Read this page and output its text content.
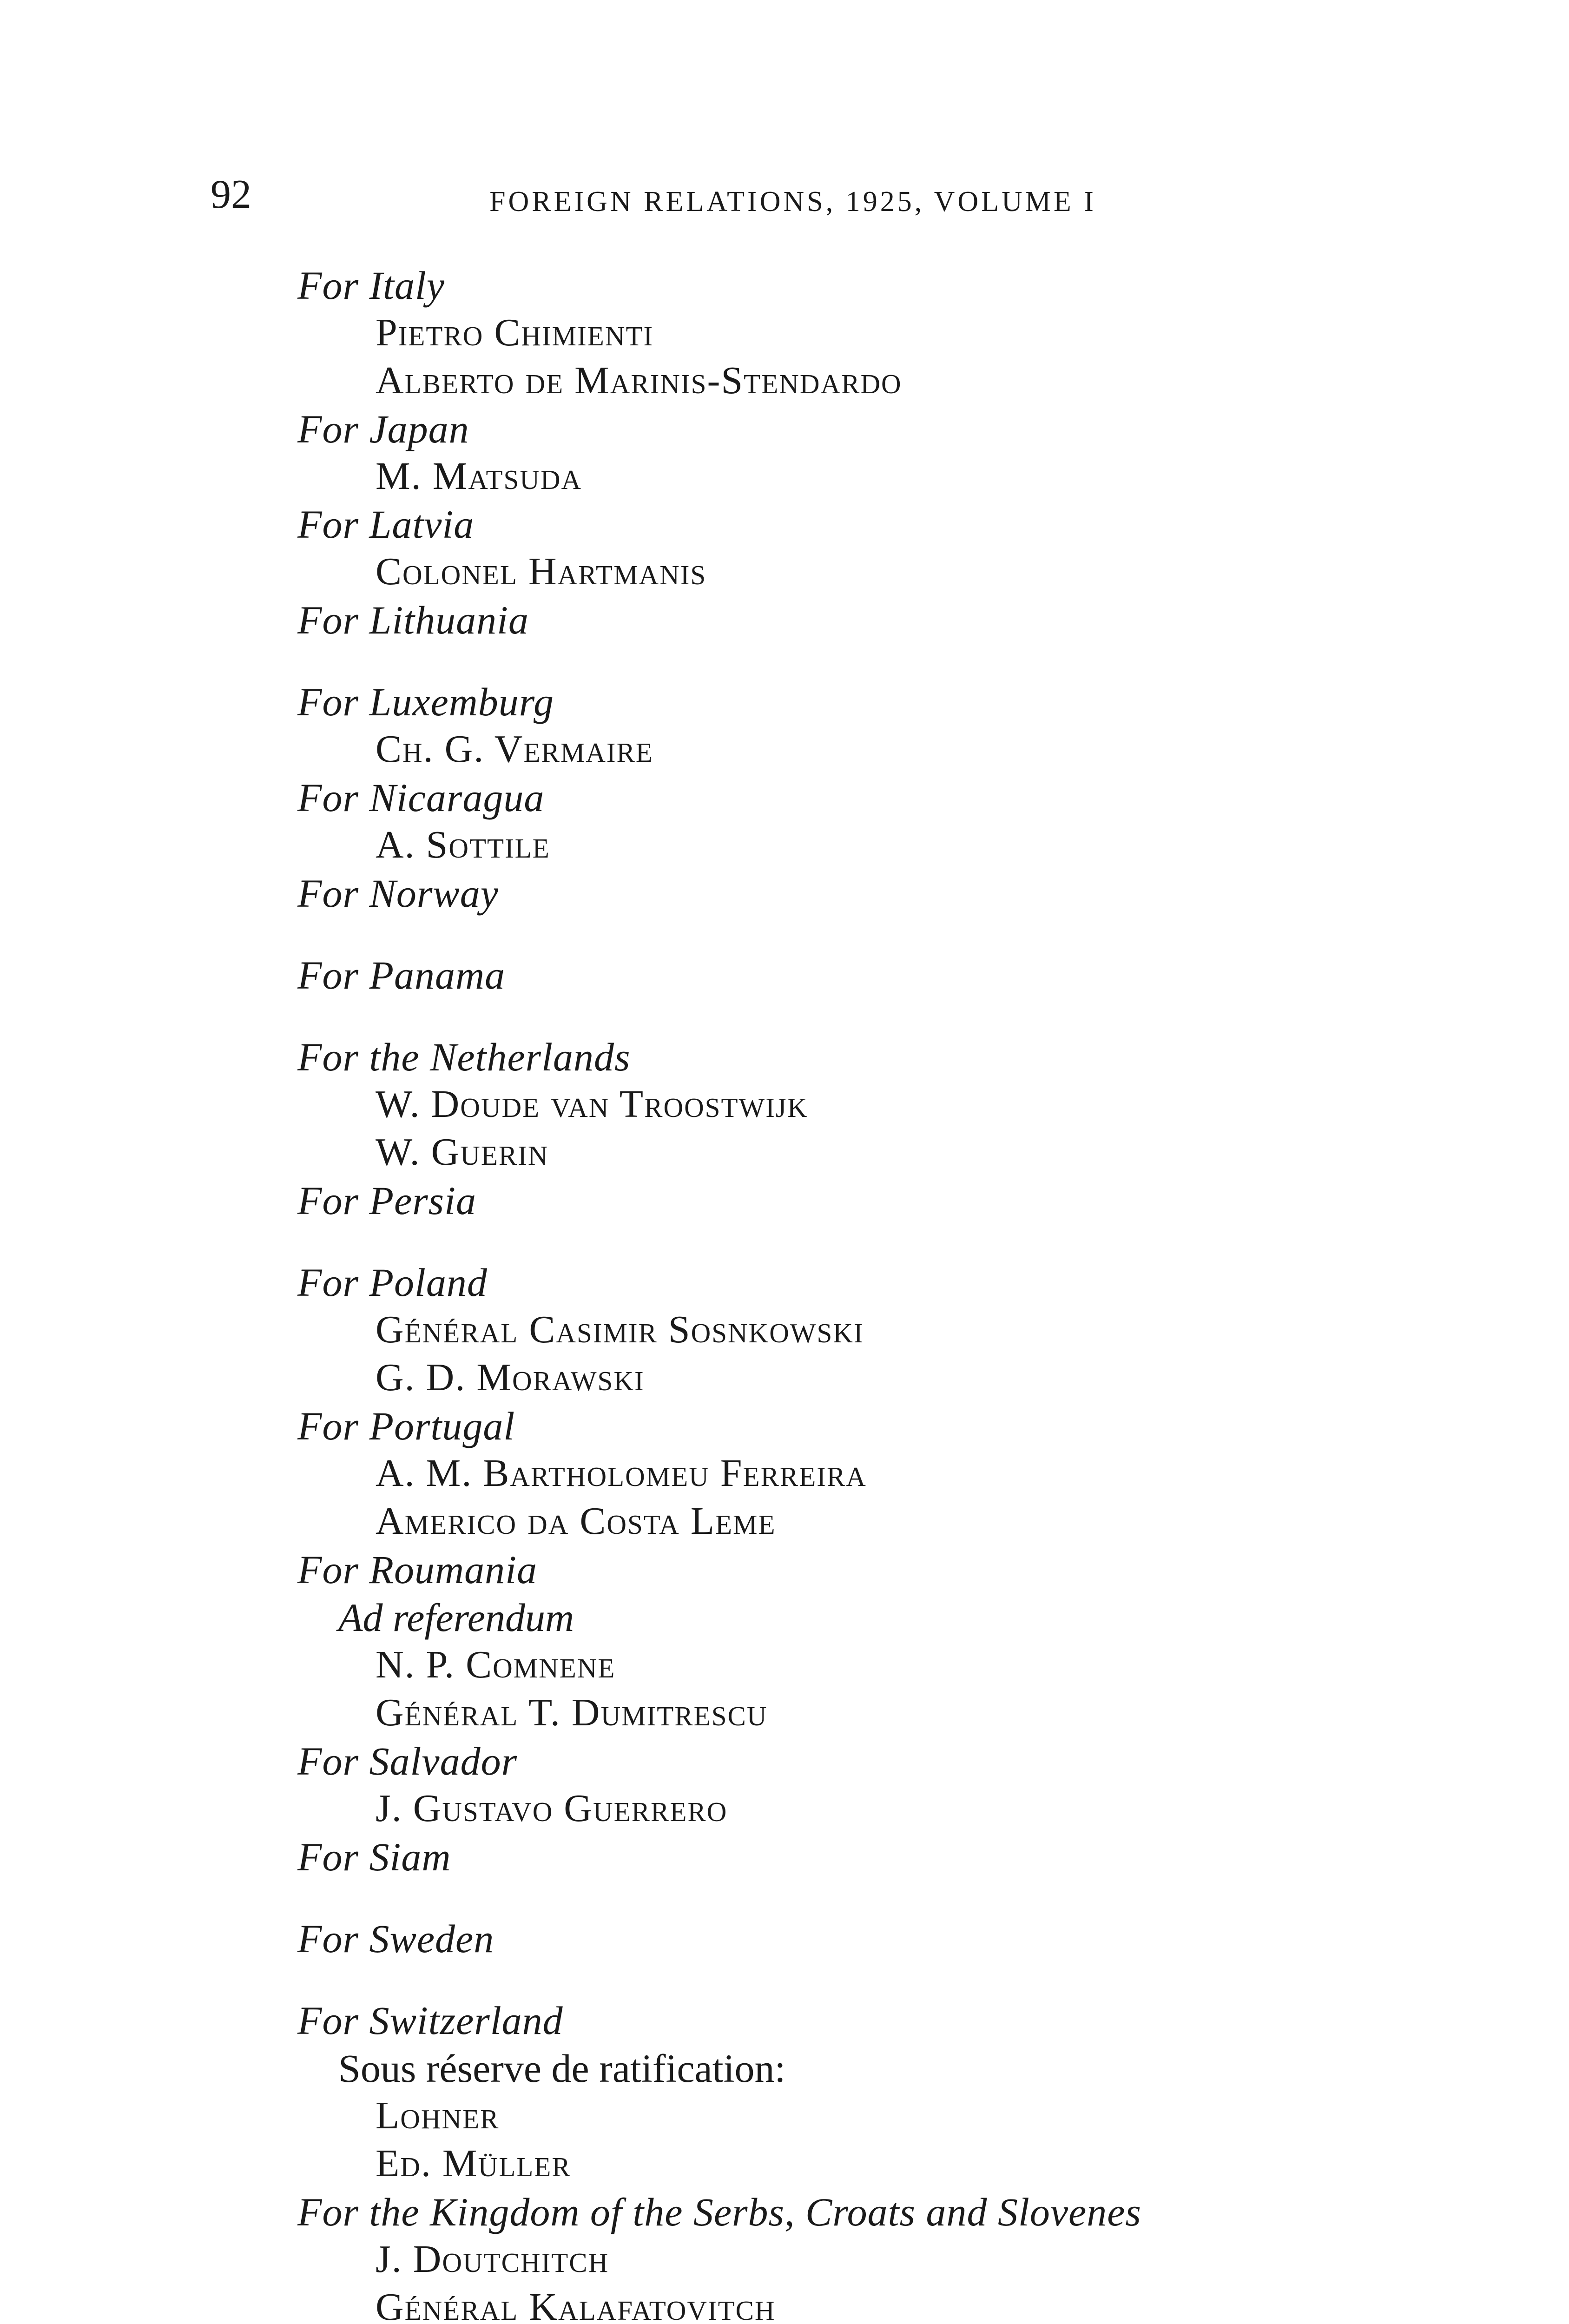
92	FOREIGN RELATIONS, 1925, VOLUME I
For Italy
Pietro Chimienti
Alberto de Marinis-Stendardo
For Japan
M. Matsuda
For Latvia
Colonel Hartmanis
For Lithuania
For Luxemburg
Ch. G. Vermaire
For Nicaragua
A. Sottile
For Norway
For Panama
For the Netherlands
W. Doude van Troostwijk
W. Guerin
For Persia
For Poland
Général Casimir Sosnkowski
G. D. Morawski
For Portugal
A. M. Bartholomeu Ferreira
Americo da Costa Leme
For Roumania
Ad referendum
N. P. Comnene
Général T. Dumitrescu
For Salvador
J. Gustavo Guerrero
For Siam
For Sweden
For Switzerland
Sous réserve de ratification:
Lohner
Ed. Müller
For the Kingdom of the Serbs, Croats and Slovenes
J. Doutchitch
Général Kalafatovitch
